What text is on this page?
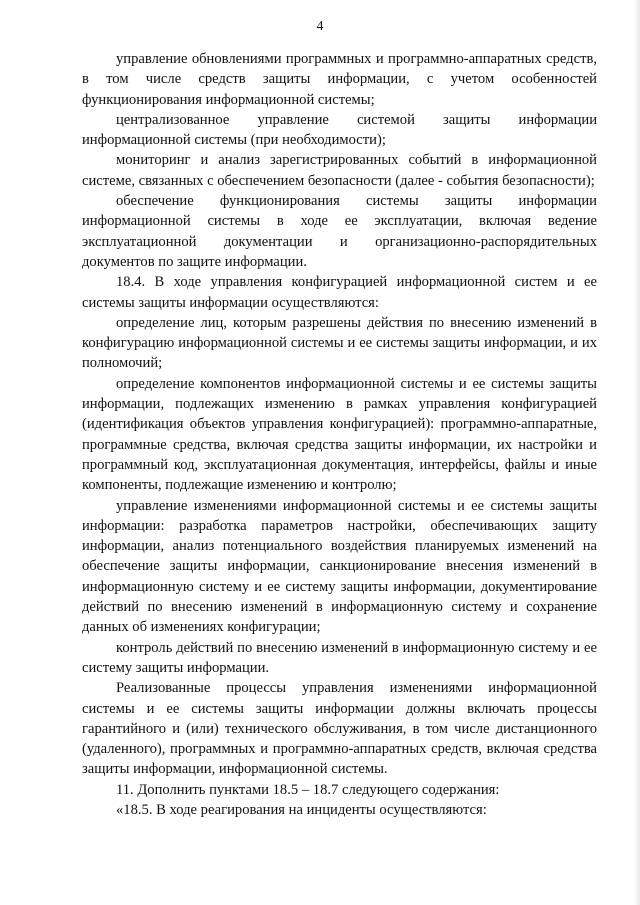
4

управление обновлениями программных и программно-аппаратных средств, в том числе средств защиты информации, с учетом особенностей функционирования информационной системы;

централизованное управление системой защиты информации информационной системы (при необходимости);

мониторинг и анализ зарегистрированных событий в информационной системе, связанных с обеспечением безопасности (далее - события безопасности);

обеспечение функционирования системы защиты информации информационной системы в ходе ее эксплуатации, включая ведение эксплуатационной документации и организационно-распорядительных документов по защите информации.

18.4. В ходе управления конфигурацией информационной систем и ее системы защиты информации осуществляются:

определение лиц, которым разрешены действия по внесению изменений в конфигурацию информационной системы и ее системы защиты информации, и их полномочий;

определение компонентов информационной системы и ее системы защиты информации, подлежащих изменению в рамках управления конфигурацией (идентификация объектов управления конфигурацией): программно-аппаратные, программные средства, включая средства защиты информации, их настройки и программный код, эксплуатационная документация, интерфейсы, файлы и иные компоненты, подлежащие изменению и контролю;

управление изменениями информационной системы и ее системы защиты информации: разработка параметров настройки, обеспечивающих защиту информации, анализ потенциального воздействия планируемых изменений на обеспечение защиты информации, санкционирование внесения изменений в информационную систему и ее систему защиты информации, документирование действий по внесению изменений в информационную систему и сохранение данных об изменениях конфигурации;

контроль действий по внесению изменений в информационную систему и ее систему защиты информации.

Реализованные процессы управления изменениями информационной системы и ее системы защиты информации должны включать процессы гарантийного и (или) технического обслуживания, в том числе дистанционного (удаленного), программных и программно-аппаратных средств, включая средства защиты информации, информационной системы.

11. Дополнить пунктами 18.5 – 18.7 следующего содержания:

«18.5. В ходе реагирования на инциденты осуществляются:
